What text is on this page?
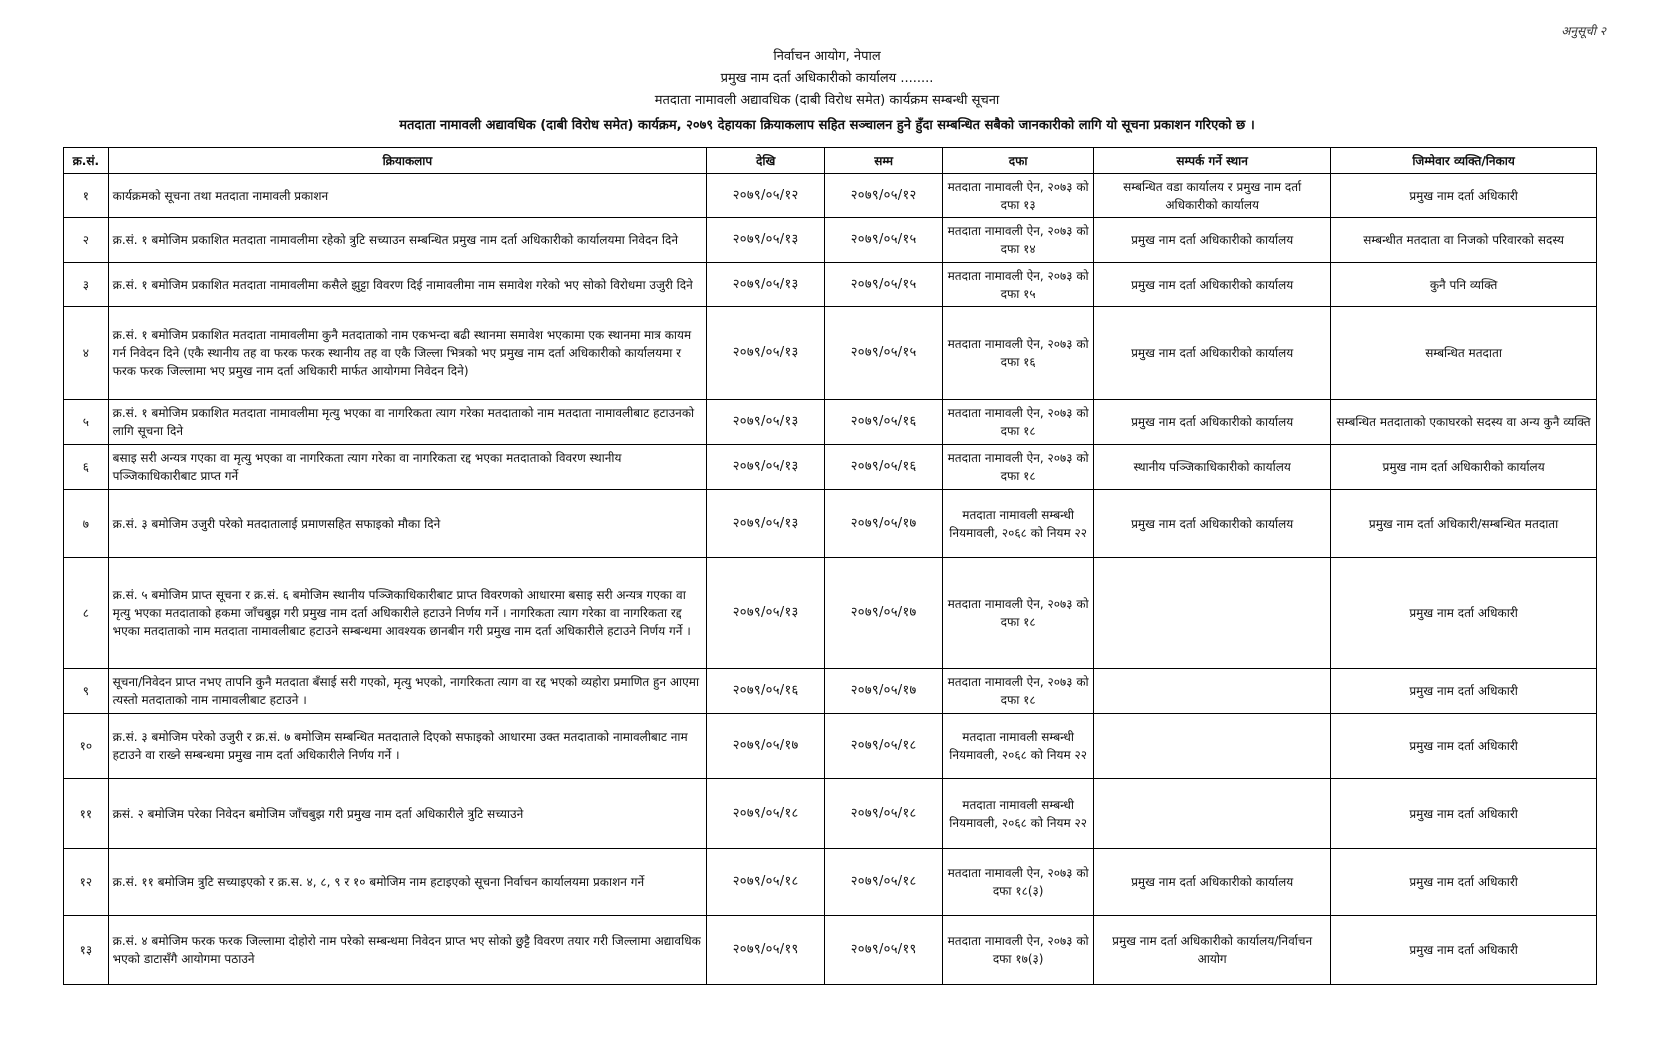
अनुसूची २
निर्वाचन आयोग, नेपाल
प्रमुख नाम दर्ता अधिकारीको कार्यालय ........
मतदाता नामावली अद्यावधिक (दाबी विरोध समेत) कार्यक्रम सम्बन्धी सूचना
मतदाता नामावली अद्यावधिक (दाबी विरोध समेत) कार्यक्रम, २०७९ देहायका क्रियाकलाप सहित सञ्चालन हुने हुँदा सम्बन्धित सबैको जानकारीको लागि यो सूचना प्रकाशन गरिएको छ ।
क्र.सं.	क्रियाकलाप	देखि	सम्म	दफा	सम्पर्क गर्ने स्थान	जिम्मेवार व्यक्ति/निकाय
१	कार्यक्रमको सूचना तथा मतदाता नामावली प्रकाशन	२०७९/०५/१२	२०७९/०५/१२	मतदाता नामावली ऐन, २०७३ को दफा १३	सम्बन्धित वडा कार्यालय र प्रमुख नाम दर्ता अधिकारीको कार्यालय	प्रमुख नाम दर्ता अधिकारी
२	क्र.सं. १ बमोजिम प्रकाशित मतदाता नामावलीमा रहेको त्रुटि सच्याउन सम्बन्धित प्रमुख नाम दर्ता अधिकारीको कार्यालयमा निवेदन दिने	२०७९/०५/१३	२०७९/०५/१५	मतदाता नामावली ऐन, २०७३ को दफा १४	प्रमुख नाम दर्ता अधिकारीको कार्यालय	सम्बन्धीत मतदाता वा निजको परिवारको सदस्य
३	क्र.सं. १ बमोजिम प्रकाशित मतदाता नामावलीमा कसैले झुट्टा विवरण दिई नामावलीमा नाम समावेश गरेको भए सोको विरोधमा उजुरी दिने	२०७९/०५/१३	२०७९/०५/१५	मतदाता नामावली ऐन, २०७३ को दफा १५	प्रमुख नाम दर्ता अधिकारीको कार्यालय	कुनै पनि व्यक्ति
४	क्र.सं. १ बमोजिम प्रकाशित मतदाता नामावलीमा कुनै मतदाताको नाम एकभन्दा बढी स्थानमा समावेश भएकामा एक स्थानमा मात्र कायम गर्न निवेदन दिने (एकै स्थानीय तह वा फरक फरक स्थानीय तह वा एकै जिल्ला भित्रको भए प्रमुख नाम दर्ता अधिकारीको कार्यालयमा र फरक फरक जिल्लामा भए प्रमुख नाम दर्ता अधिकारी मार्फत आयोगमा निवेदन दिने)	२०७९/०५/१३	२०७९/०५/१५	मतदाता नामावली ऐन, २०७३ को दफा १६	प्रमुख नाम दर्ता अधिकारीको कार्यालय	सम्बन्धित मतदाता
५	क्र.सं. १ बमोजिम प्रकाशित मतदाता नामावलीमा मृत्यु भएका वा नागरिकता त्याग गरेका मतदाताको नाम मतदाता नामावलीबाट हटाउनको लागि सूचना दिने	२०७९/०५/१३	२०७९/०५/१६	मतदाता नामावली ऐन, २०७३ को दफा १८	प्रमुख नाम दर्ता अधिकारीको कार्यालय	सम्बन्धित मतदाताको एकाघरको सदस्य वा अन्य कुनै व्यक्ति
६	बसाइ सरी अन्यत्र गएका वा मृत्यु भएका वा नागरिकता त्याग गरेका वा नागरिकता रद्द भएका मतदाताको विवरण स्थानीय पञ्जिकाधिकारीबाट प्राप्त गर्ने	२०७९/०५/१३	२०७९/०५/१६	मतदाता नामावली ऐन, २०७३ को दफा १८	स्थानीय पञ्जिकाधिकारीको कार्यालय	प्रमुख नाम दर्ता अधिकारीको कार्यालय
७	क्र.सं. ३ बमोजिम उजुरी परेको मतदातालाई प्रमाणसहित सफाइको मौका दिने	२०७९/०५/१३	२०७९/०५/१७	मतदाता नामावली सम्बन्धी नियमावली, २०६८ को नियम २२	प्रमुख नाम दर्ता अधिकारीको कार्यालय	प्रमुख नाम दर्ता अधिकारी/सम्बन्धित मतदाता
८	क्र.सं. ५ बमोजिम प्राप्त सूचना र क्र.सं. ६ बमोजिम स्थानीय पञ्जिकाधिकारीबाट प्राप्त विवरणको आधारमा बसाइ सरी अन्यत्र गएका वा मृत्यु भएका मतदाताको हकमा जाँचबुझ गरी प्रमुख नाम दर्ता अधिकारीले हटाउने निर्णय गर्ने । नागरिकता त्याग गरेका वा नागरिकता रद्द भएका मतदाताको नाम मतदाता नामावलीबाट हटाउने सम्बन्धमा आवश्यक छानबीन गरी प्रमुख नाम दर्ता अधिकारीले हटाउने निर्णय गर्ने ।	२०७९/०५/१३	२०७९/०५/१७	मतदाता नामावली ऐन, २०७३ को दफा १८		प्रमुख नाम दर्ता अधिकारी
९	सूचना/निवेदन प्राप्त नभए तापनि कुनै मतदाता बँसाई सरी गएको, मृत्यु भएको, नागरिकता त्याग वा रद्द भएको व्यहोरा प्रमाणित हुन आएमा त्यस्तो मतदाताको नाम नामावलीबाट हटाउने ।	२०७९/०५/१६	२०७९/०५/१७	मतदाता नामावली ऐन, २०७३ को दफा १८		प्रमुख नाम दर्ता अधिकारी
१०	क्र.सं. ३ बमोजिम परेको उजुरी र क्र.सं. ७ बमोजिम सम्बन्धित मतदाताले दिएको सफाइको आधारमा उक्त मतदाताको नामावलीबाट नाम हटाउने वा राख्ने सम्बन्धमा प्रमुख नाम दर्ता अधिकारीले निर्णय गर्ने ।	२०७९/०५/१७	२०७९/०५/१८	मतदाता नामावली सम्बन्धी नियमावली, २०६८ को नियम २२		प्रमुख नाम दर्ता अधिकारी
११	क्रसं. २ बमोजिम परेका निवेदन बमोजिम जाँचबुझ गरी प्रमुख नाम दर्ता अधिकारीले त्रुटि सच्याउने	२०७९/०५/१८	२०७९/०५/१८	मतदाता नामावली सम्बन्धी नियमावली, २०६८ को नियम २२		प्रमुख नाम दर्ता अधिकारी
१२	क्र.सं. ११ बमोजिम त्रुटि सच्याइएको र क्र.स. ४, ८, ९ र १० बमोजिम नाम हटाइएको सूचना निर्वाचन कार्यालयमा प्रकाशन गर्ने	२०७९/०५/१८	२०७९/०५/१८	मतदाता नामावली ऐन, २०७३ को दफा १८(३)	प्रमुख नाम दर्ता अधिकारीको कार्यालय	प्रमुख नाम दर्ता अधिकारी
१३	क्र.सं. ४ बमोजिम फरक फरक जिल्लामा दोहोरो नाम परेको सम्बन्धमा निवेदन प्राप्त भए सोको छुट्टै विवरण तयार गरी जिल्लामा अद्यावधिक भएको डाटासँगै आयोगमा पठाउने	२०७९/०५/१९	२०७९/०५/१९	मतदाता नामावली ऐन, २०७३ को दफा १७(३)	प्रमुख नाम दर्ता अधिकारीको कार्यालय/निर्वाचन आयोग	प्रमुख नाम दर्ता अधिकारी
